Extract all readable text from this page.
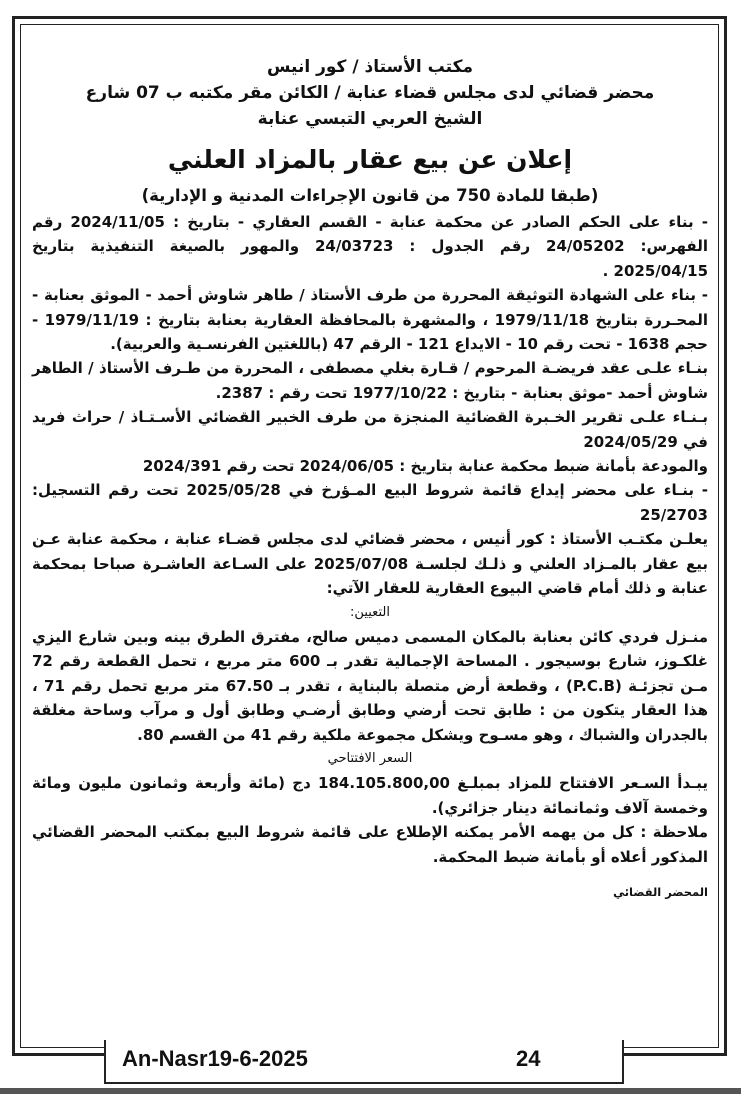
مكتب الأستاذ / كور انيس
محضر قضائي لدى مجلس قضاء عنابة / الكائن مقر مكتبه ب 07 شارع
الشيخ العربي التبسي عنابة
إعلان عن بيع عقار بالمزاد العلني
(طبقا للمادة 750 من قانون الإجراءات المدنية و الإدارية)

- بناء على الحكم الصادر عن محكمة عنابة - القسم العقاري - بتاريخ : 2024/11/05 رقم الفهرس: 24/05202 رقم الجدول : 24/03723 والمهور بالصيغة التنفيذية بتاريخ 2025/04/15 .

- بناء على الشهادة التوثيقة المحررة من طرف الأستاذ / طاهر شاوش أحمد - الموثق بعنابة - المحـررة بتاريخ 1979/11/18 ، والمشهرة بالمحافظة العقارية بعنابة بتاريخ : 1979/11/19 - حجم 1638 - تحت رقم 10 - الايداع 121 - الرقم 47 (باللغتين الفرنسـية والعربية).

بنـاء علـى عقد فريضـة المرحوم / قـارة بغلي مصطفى ، المحررة من طـرف الأستاذ / الطاهر شاوش أحمد -موثق بعنابة - بتاريخ : 1977/10/22 تحت رقم : 2387.

بـنـاء علـى تقرير الخـبرة القضائية المنجزة من طرف الخبير القضائي الأسـتـاذ / حراث فريد في 2024/05/29

والمودعة بأمانة ضبط محكمة عنابة بتاريخ : 2024/06/05 تحت رقم 2024/391

- بنـاء على محضر إيداع قائمة شروط البيع المـؤرخ في 2025/05/28 تحت رقم التسجيل: 25/2703

يعلـن مكتـب الأستاذ : كور أنيس ، محضر قضائي لدى مجلس قضـاء عنابة ، محكمة عنابة عـن بيع عقار بالمـزاد العلني و ذلـك لجلسـة 2025/07/08 على السـاعة العاشـرة صباحا بمحكمة عنابة و ذلك أمام قاضي البيوع العقارية للعقار الآتي:

التعيين:

منـزل فردي كائن بعنابة بالمكان المسمى دميس صالح، مفترق الطرق بينه وبين شارع اليزي غلكـوز، شارع بوسيجور . المساحة الإجمالية تقدر بـ 600 متر مربع ، تحمل القطعة رقم 72 مـن تجزئـة (P.C.B) ، وقطعة أرض متصلة بالبناية ، تقدر بـ 67.50 متر مربع تحمل رقم 71 ، هذا العقار يتكون من : طابق تحت أرضي وطابق أرضـي وطابق أول و مرآب وساحة مغلقة بالجدران والشباك ، وهو مسـوح ويشكل مجموعة ملكية رقم 41 من القسم 80.

السعر الافتتاحي

يبـدأ السـعر الافتتاح للمزاد بمبلـغ 184.105.800,00 دج (مائة وأربعة وثمانون مليون ومائة وخمسة آلاف وثمانمائة دينار جزائري).

ملاحظة : كل من يهمه الأمر يمكنه الإطلاع على قائمة شروط البيع بمكتب المحضر القضائي المذكور أعلاه أو بأمانة ضبط المحكمة.

المحضر القضائي
An-Nasr19-6-2025	24
